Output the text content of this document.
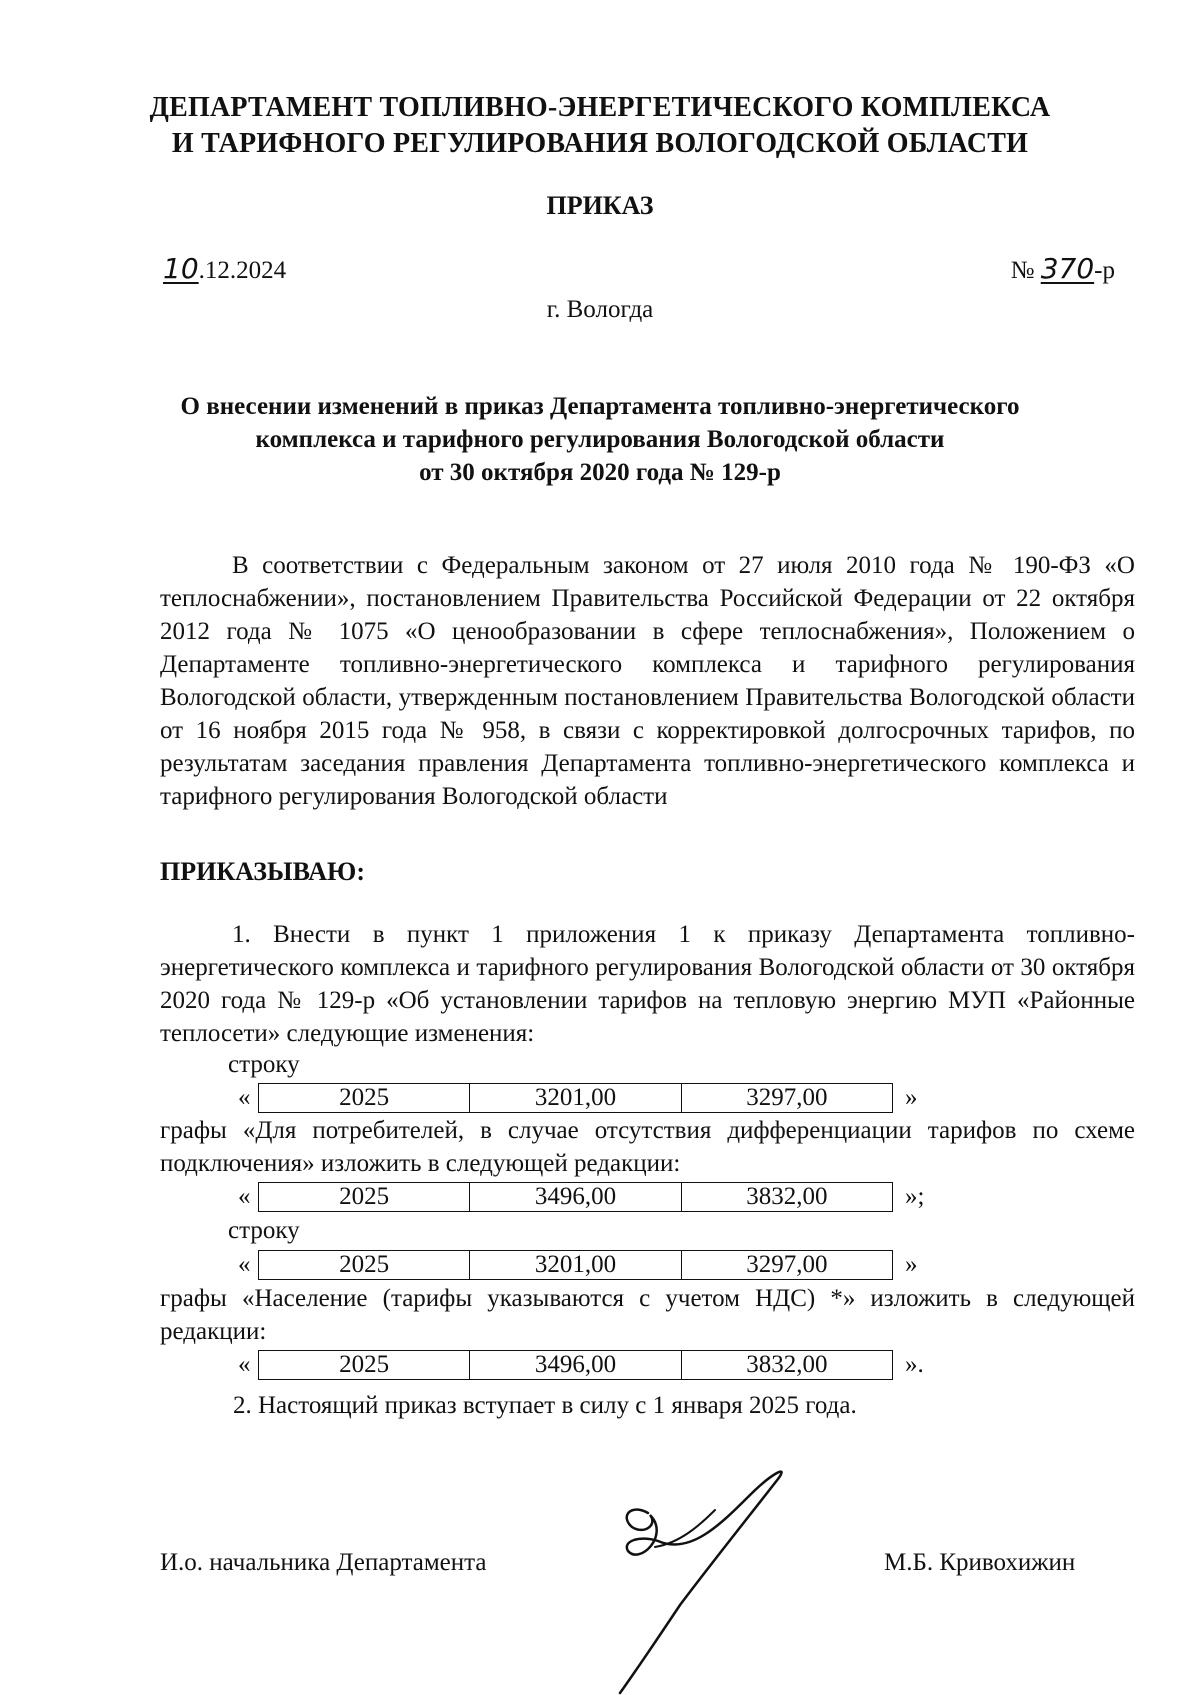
ДЕПАРТАМЕНТ ТОПЛИВНО-ЭНЕРГЕТИЧЕСКОГО КОМПЛЕКСА
И ТАРИФНОГО РЕГУЛИРОВАНИЯ ВОЛОГОДСКОЙ ОБЛАСТИ
ПРИКАЗ
10.12.2024	№ 370-р
г. Вологда
О внесении изменений в приказ Департамента топливно-энергетического
комплекса и тарифного регулирования Вологодской области
от 30 октября 2020 года № 129-р

В соответствии с Федеральным законом от 27 июля 2010 года № 190-ФЗ «О теплоснабжении», постановлением Правительства Российской Федерации от 22 октября 2012 года № 1075 «О ценообразовании в сфере теплоснабжения», Положением о Департаменте топливно-энергетического комплекса и тарифного регулирования Вологодской области, утвержденным постановлением Правительства Вологодской области от 16 ноября 2015 года № 958, в связи с корректировкой долгосрочных тарифов, по результатам заседания правления Департамента топливно-энергетического комплекса и тарифного регулирования Вологодской области

ПРИКАЗЫВАЮ:

1. Внести в пункт 1 приложения 1 к приказу Департамента топливно-энергетического комплекса и тарифного регулирования Вологодской области от 30 октября 2020 года № 129-р «Об установлении тарифов на тепловую энергию МУП «Районные теплосети» следующие изменения:

строку
«	2025	3201,00	3297,00	»

графы «Для потребителей, в случае отсутствия дифференциации тарифов по схеме подключения» изложить в следующей редакции:

«	2025	3496,00	3832,00	»;
строку
«	2025	3201,00	3297,00	»

графы «Население (тарифы указываются с учетом НДС) *» изложить в следующей редакции:

«	2025	3496,00	3832,00	».
2. Настоящий приказ вступает в силу с 1 января 2025 года.
И.о. начальника Департамента	М.Б. Кривохижин
